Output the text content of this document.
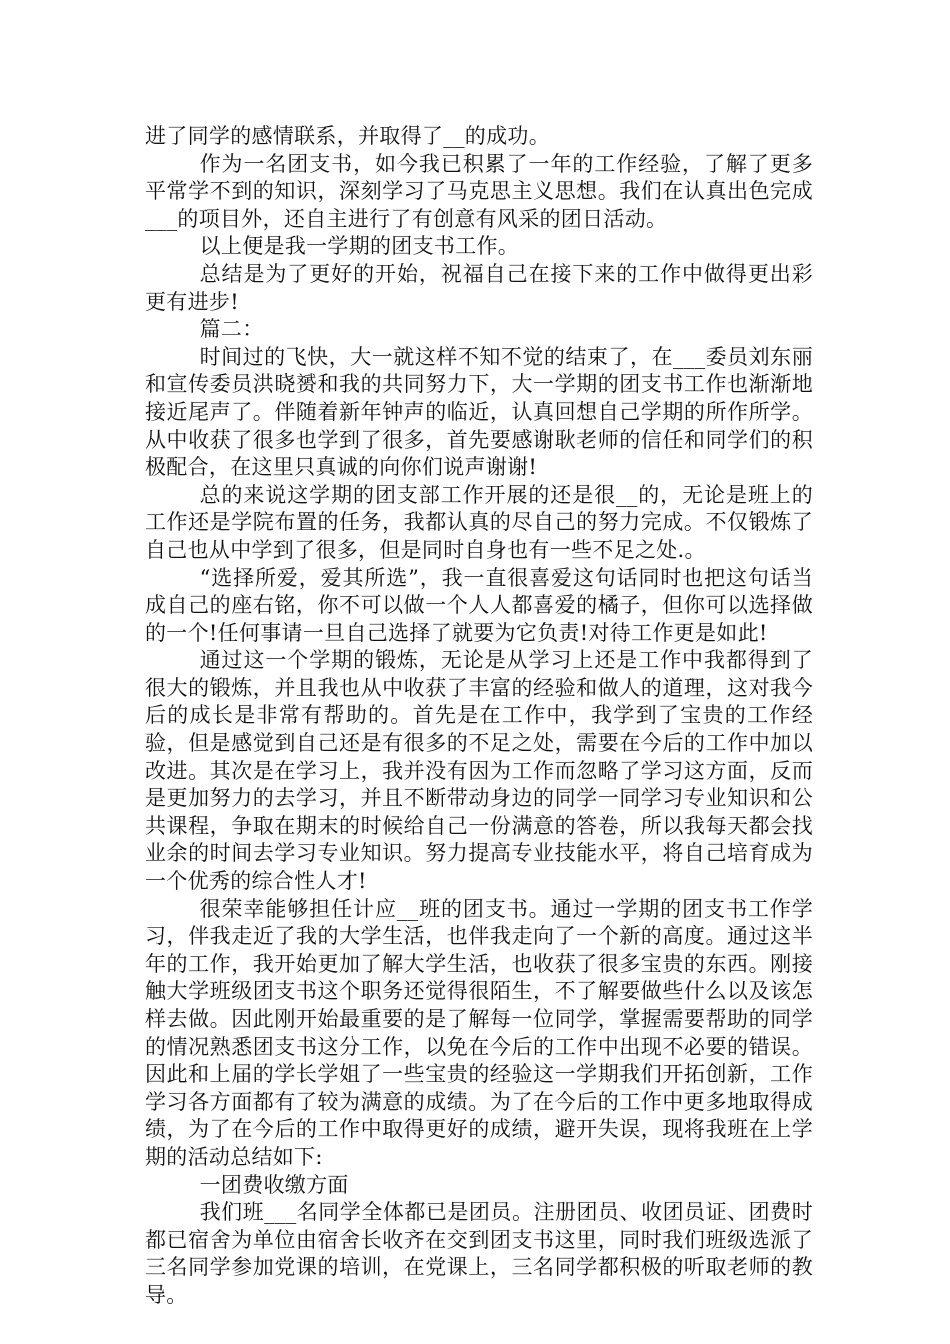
进了同学的感情联系，并取得了__的成功。

作为一名团支书，如今我已积累了一年的工作经验，了解了更多平常学不到的知识，深刻学习了马克思主义思想。我们在认真出色完成___的项目外，还自主进行了有创意有风采的团日活动。

以上便是我一学期的团支书工作。

总结是为了更好的开始，祝福自己在接下来的工作中做得更出彩更有进步!

篇二：

时间过的飞快，大一就这样不知不觉的结束了，在___委员刘东丽和宣传委员洪晓赟和我的共同努力下，大一学期的团支书工作也渐渐地接近尾声了。伴随着新年钟声的临近，认真回想自己学期的所作所学。从中收获了很多也学到了很多，首先要感谢耿老师的信任和同学们的积极配合，在这里只真诚的向你们说声谢谢!

总的来说这学期的团支部工作开展的还是很__的，无论是班上的工作还是学院布置的任务，我都认真的尽自己的努力完成。不仅锻炼了自己也从中学到了很多，但是同时自身也有一些不足之处.。

“选择所爱，爱其所选”，我一直很喜爱这句话同时也把这句话当成自己的座右铭，你不可以做一个人人都喜爱的橘子，但你可以选择做的一个!任何事请一旦自己选择了就要为它负责!对待工作更是如此!

通过这一个学期的锻炼，无论是从学习上还是工作中我都得到了很大的锻炼，并且我也从中收获了丰富的经验和做人的道理，这对我今后的成长是非常有帮助的。首先是在工作中，我学到了宝贵的工作经验，但是感觉到自己还是有很多的不足之处，需要在今后的工作中加以改进。其次是在学习上，我并没有因为工作而忽略了学习这方面，反而是更加努力的去学习，并且不断带动身边的同学一同学习专业知识和公共课程，争取在期末的时候给自己一份满意的答卷，所以我每天都会找业余的时间去学习专业知识。努力提高专业技能水平，将自己培育成为一个优秀的综合性人才!

很荣幸能够担任计应__班的团支书。通过一学期的团支书工作学习，伴我走近了我的大学生活，也伴我走向了一个新的高度。通过这半年的工作，我开始更加了解大学生活，也收获了很多宝贵的东西。刚接触大学班级团支书这个职务还觉得很陌生，不了解要做些什么以及该怎样去做。因此刚开始最重要的是了解每一位同学，掌握需要帮助的同学的情况熟悉团支书这分工作，以免在今后的工作中出现不必要的错误。因此和上届的学长学姐了一些宝贵的经验这一学期我们开拓创新，工作学习各方面都有了较为满意的成绩。为了在今后的工作中更多地取得成绩，为了在今后的工作中取得更好的成绩，避开失误，现将我班在上学期的活动总结如下:

一团费收缴方面

我们班___名同学全体都已是团员。注册团员、收团员证、团费时都已宿舍为单位由宿舍长收齐在交到团支书这里，同时我们班级选派了三名同学参加党课的培训，在党课上，三名同学都积极的听取老师的教导。
